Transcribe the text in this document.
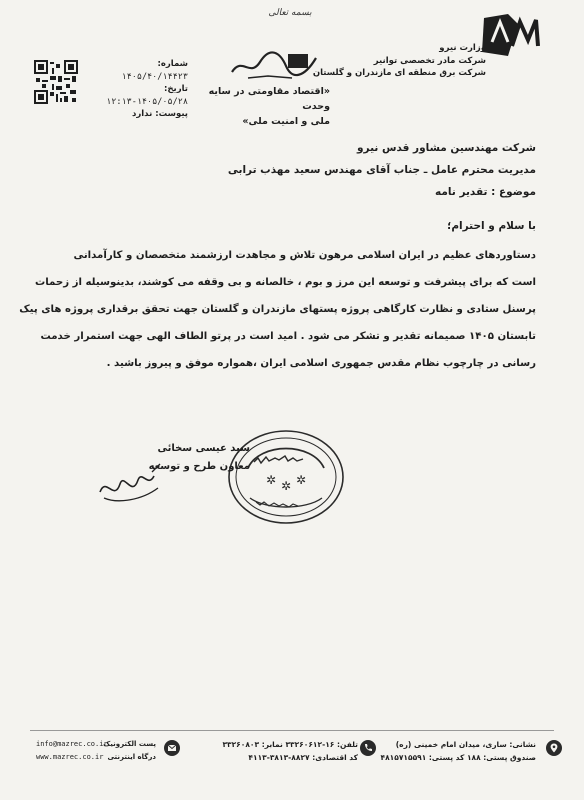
بسمه تعالی
وزارت نیرو
شرکت مادر تخصصی توانیر
شرکت برق منطقه ای مازندران و گلستان
«اقتصاد مقاومتی در سایه وحدت
ملی و امنیت ملی»
شماره: ۱۴۰۵/۴۰/۱۴۴۲۳
تاریخ: ۱۴۰۵/۰۵/۲۸-۱۲:۱۳
پیوست: ندارد
شرکت مهندسین مشاور قدس نیرو
مدیریت محترم عامل ـ جناب آقای مهندس سعید مهذب ترابی
موضوع : تقدیر نامه
با سلام و احترام؛
دستاوردهای عظیم در ایران اسلامی مرهون تلاش و مجاهدت ارزشمند متخصصان و کارآمدانی
است که برای پیشرفت و توسعه این مرز و بوم ، خالصانه و بی وقفه می کوشند، بدینوسیله از زحمات
پرسنل ستادی و نظارت کارگاهی پروژه پستهای مازندران و گلستان جهت تحقق برقداری پروژه های پیک
تابستان ۱۴۰۵ صمیمانه تقدیر و تشکر می شود . امید است در پرتو الطاف الهی جهت استمرار خدمت
رسانی در چارچوب نظام مقدس جمهوری اسلامی ایران ،همواره موفق و پیروز باشید .
✲ ✲ ✲
سید عیسی سخائی
معاون طرح و توسعه
نشانی: ساری، میدان امام خمینی (ره)
صندوق پستی: ۱۸۸ کد پستی: ۴۸۱۵۷۱۵۵۹۱
تلفن: ۱۶-۳۳۲۶۰۶۱۲ نمابر: ۳۳۲۶۰۸۰۳
کد اقتصادی: ۸۸۲۷-۳۸۱۳-۴۱۱۳
پست الکترونیک
درگاه اینترنتی
info@mazrec.co.ir
www.mazrec.co.ir
